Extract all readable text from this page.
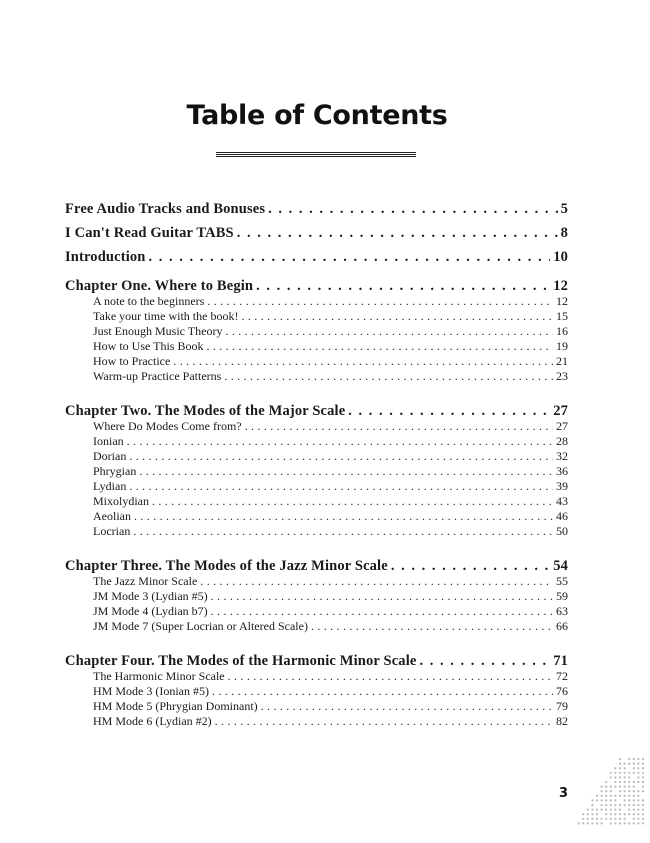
Table of Contents
Free Audio Tracks and Bonuses . . .	5
I Can't Read Guitar TABS . . .	8
Introduction . . .	10
Chapter One. Where to Begin . . .	12
A note to the beginners . . .	12
Take your time with the book! . . .	15
Just Enough Music Theory . . .	16
How to Use This Book . . .	19
How to Practice . . .	21
Warm-up Practice Patterns . . .	23
Chapter Two. The Modes of the Major Scale . . .	27
Where Do Modes Come from? . . .	27
Ionian . . .	28
Dorian . . .	32
Phrygian . . .	36
Lydian . . .	39
Mixolydian . . .	43
Aeolian . . .	46
Locrian . . .	50
Chapter Three. The Modes of the Jazz Minor Scale . . .	54
The Jazz Minor Scale . . .	55
JM Mode 3 (Lydian #5) . . .	59
JM Mode 4 (Lydian b7) . . .	63
JM Mode 7 (Super Locrian or Altered Scale) . . .	66
Chapter Four. The Modes of the Harmonic Minor Scale . . .	71
The Harmonic Minor Scale . . .	72
HM Mode 3 (Ionian #5) . . .	76
HM Mode 5 (Phrygian Dominant) . . .	79
HM Mode 6 (Lydian #2) . . .	82
3
